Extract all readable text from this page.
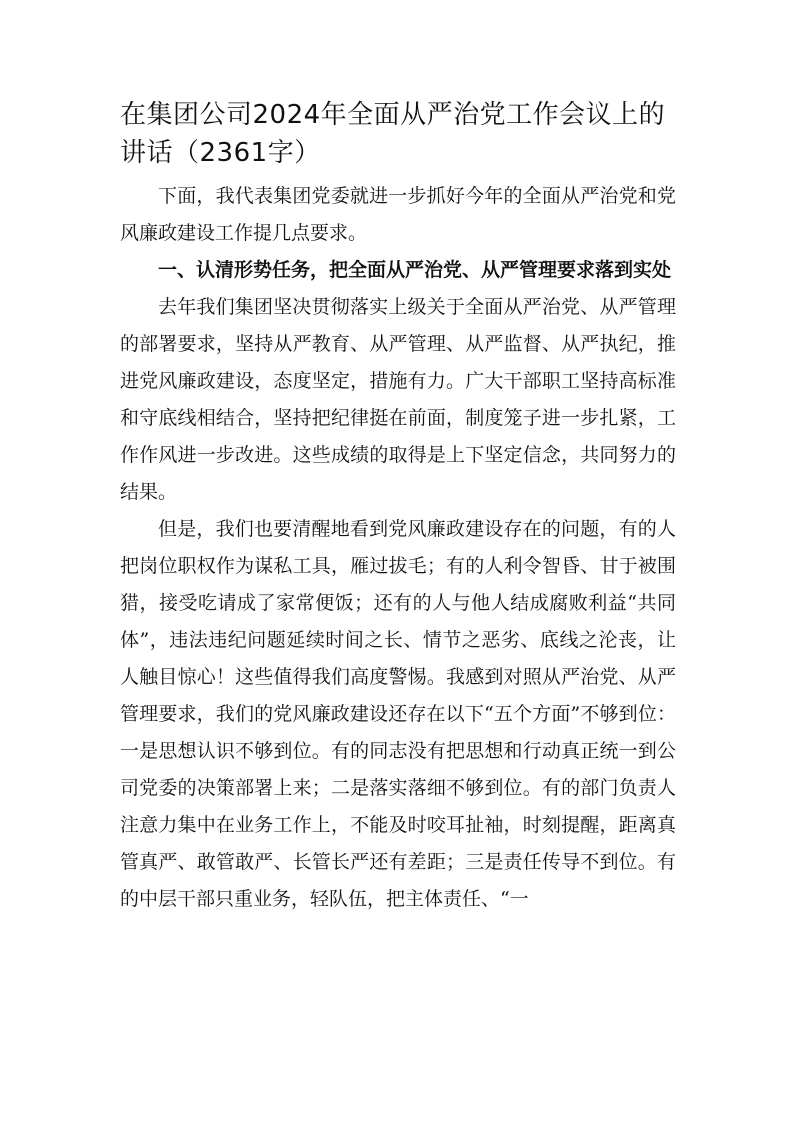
在集团公司2024年全面从严治党工作会议上的讲话（2361字）

下面，我代表集团党委就进一步抓好今年的全面从严治党和党风廉政建设工作提几点要求。

一、认清形势任务，把全面从严治党、从严管理要求落到实处

去年我们集团坚决贯彻落实上级关于全面从严治党、从严管理的部署要求，坚持从严教育、从严管理、从严监督、从严执纪，推进党风廉政建设，态度坚定，措施有力。广大干部职工坚持高标准和守底线相结合，坚持把纪律挺在前面，制度笼子进一步扎紧，工作作风进一步改进。这些成绩的取得是上下坚定信念，共同努力的结果。

但是，我们也要清醒地看到党风廉政建设存在的问题，有的人把岗位职权作为谋私工具，雁过拔毛；有的人利令智昏、甘于被围猎，接受吃请成了家常便饭；还有的人与他人结成腐败利益“共同体”，违法违纪问题延续时间之长、情节之恶劣、底线之沦丧，让人触目惊心！这些值得我们高度警惕。我感到对照从严治党、从严管理要求，我们的党风廉政建设还存在以下“五个方面”不够到位：一是思想认识不够到位。有的同志没有把思想和行动真正统一到公司党委的决策部署上来；二是落实落细不够到位。有的部门负责人注意力集中在业务工作上，不能及时咬耳扯袖，时刻提醒，距离真管真严、敢管敢严、长管长严还有差距；三是责任传导不到位。有的中层干部只重业务，轻队伍，把主体责任、“一
